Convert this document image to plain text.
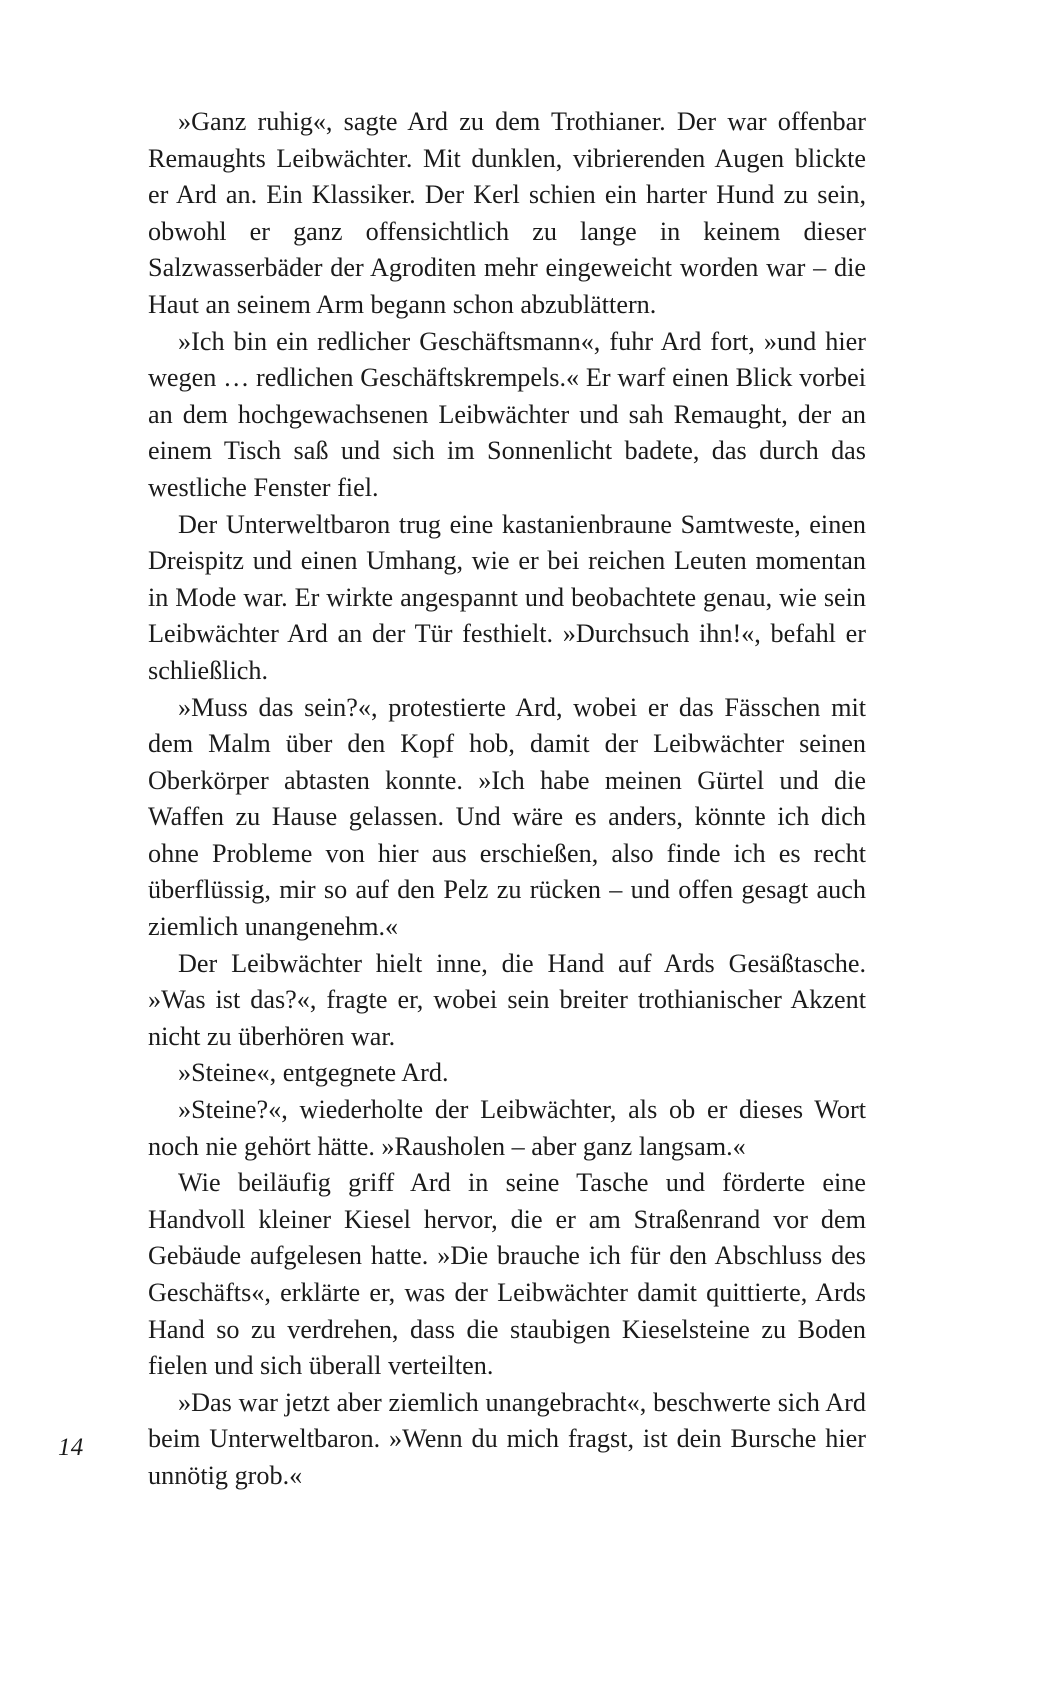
»Ganz ruhig«, sagte Ard zu dem Trothianer. Der war offenbar Remaughts Leibwächter. Mit dunklen, vibrierenden Augen blickte er Ard an. Ein Klassiker. Der Kerl schien ein harter Hund zu sein, obwohl er ganz offensichtlich zu lange in keinem dieser Salzwasserbäder der Agroditen mehr eingeweicht worden war – die Haut an seinem Arm begann schon abzublättern.

»Ich bin ein redlicher Geschäftsmann«, fuhr Ard fort, »und hier wegen … redlichen Geschäftskrempels.« Er warf einen Blick vorbei an dem hochgewachsenen Leibwächter und sah Remaught, der an einem Tisch saß und sich im Sonnenlicht badete, das durch das westliche Fenster fiel.

Der Unterweltbaron trug eine kastanienbraune Samtweste, einen Dreispitz und einen Umhang, wie er bei reichen Leuten momentan in Mode war. Er wirkte angespannt und beobachtete genau, wie sein Leibwächter Ard an der Tür festhielt. »Durchsuch ihn!«, befahl er schließlich.

»Muss das sein?«, protestierte Ard, wobei er das Fässchen mit dem Malm über den Kopf hob, damit der Leibwächter seinen Oberkörper abtasten konnte. »Ich habe meinen Gürtel und die Waffen zu Hause gelassen. Und wäre es anders, könnte ich dich ohne Probleme von hier aus erschießen, also finde ich es recht überflüssig, mir so auf den Pelz zu rücken – und offen gesagt auch ziemlich unangenehm.«

Der Leibwächter hielt inne, die Hand auf Ards Gesäßtasche. »Was ist das?«, fragte er, wobei sein breiter trothianischer Akzent nicht zu überhören war.

»Steine«, entgegnete Ard.

»Steine?«, wiederholte der Leibwächter, als ob er dieses Wort noch nie gehört hätte. »Rausholen – aber ganz langsam.«

Wie beiläufig griff Ard in seine Tasche und förderte eine Handvoll kleiner Kiesel hervor, die er am Straßenrand vor dem Gebäude aufgelesen hatte. »Die brauche ich für den Abschluss des Geschäfts«, erklärte er, was der Leibwächter damit quittierte, Ards Hand so zu verdrehen, dass die staubigen Kieselsteine zu Boden fielen und sich überall verteilten.

»Das war jetzt aber ziemlich unangebracht«, beschwerte sich Ard beim Unterweltbaron. »Wenn du mich fragst, ist dein Bursche hier unnötig grob.«

14
